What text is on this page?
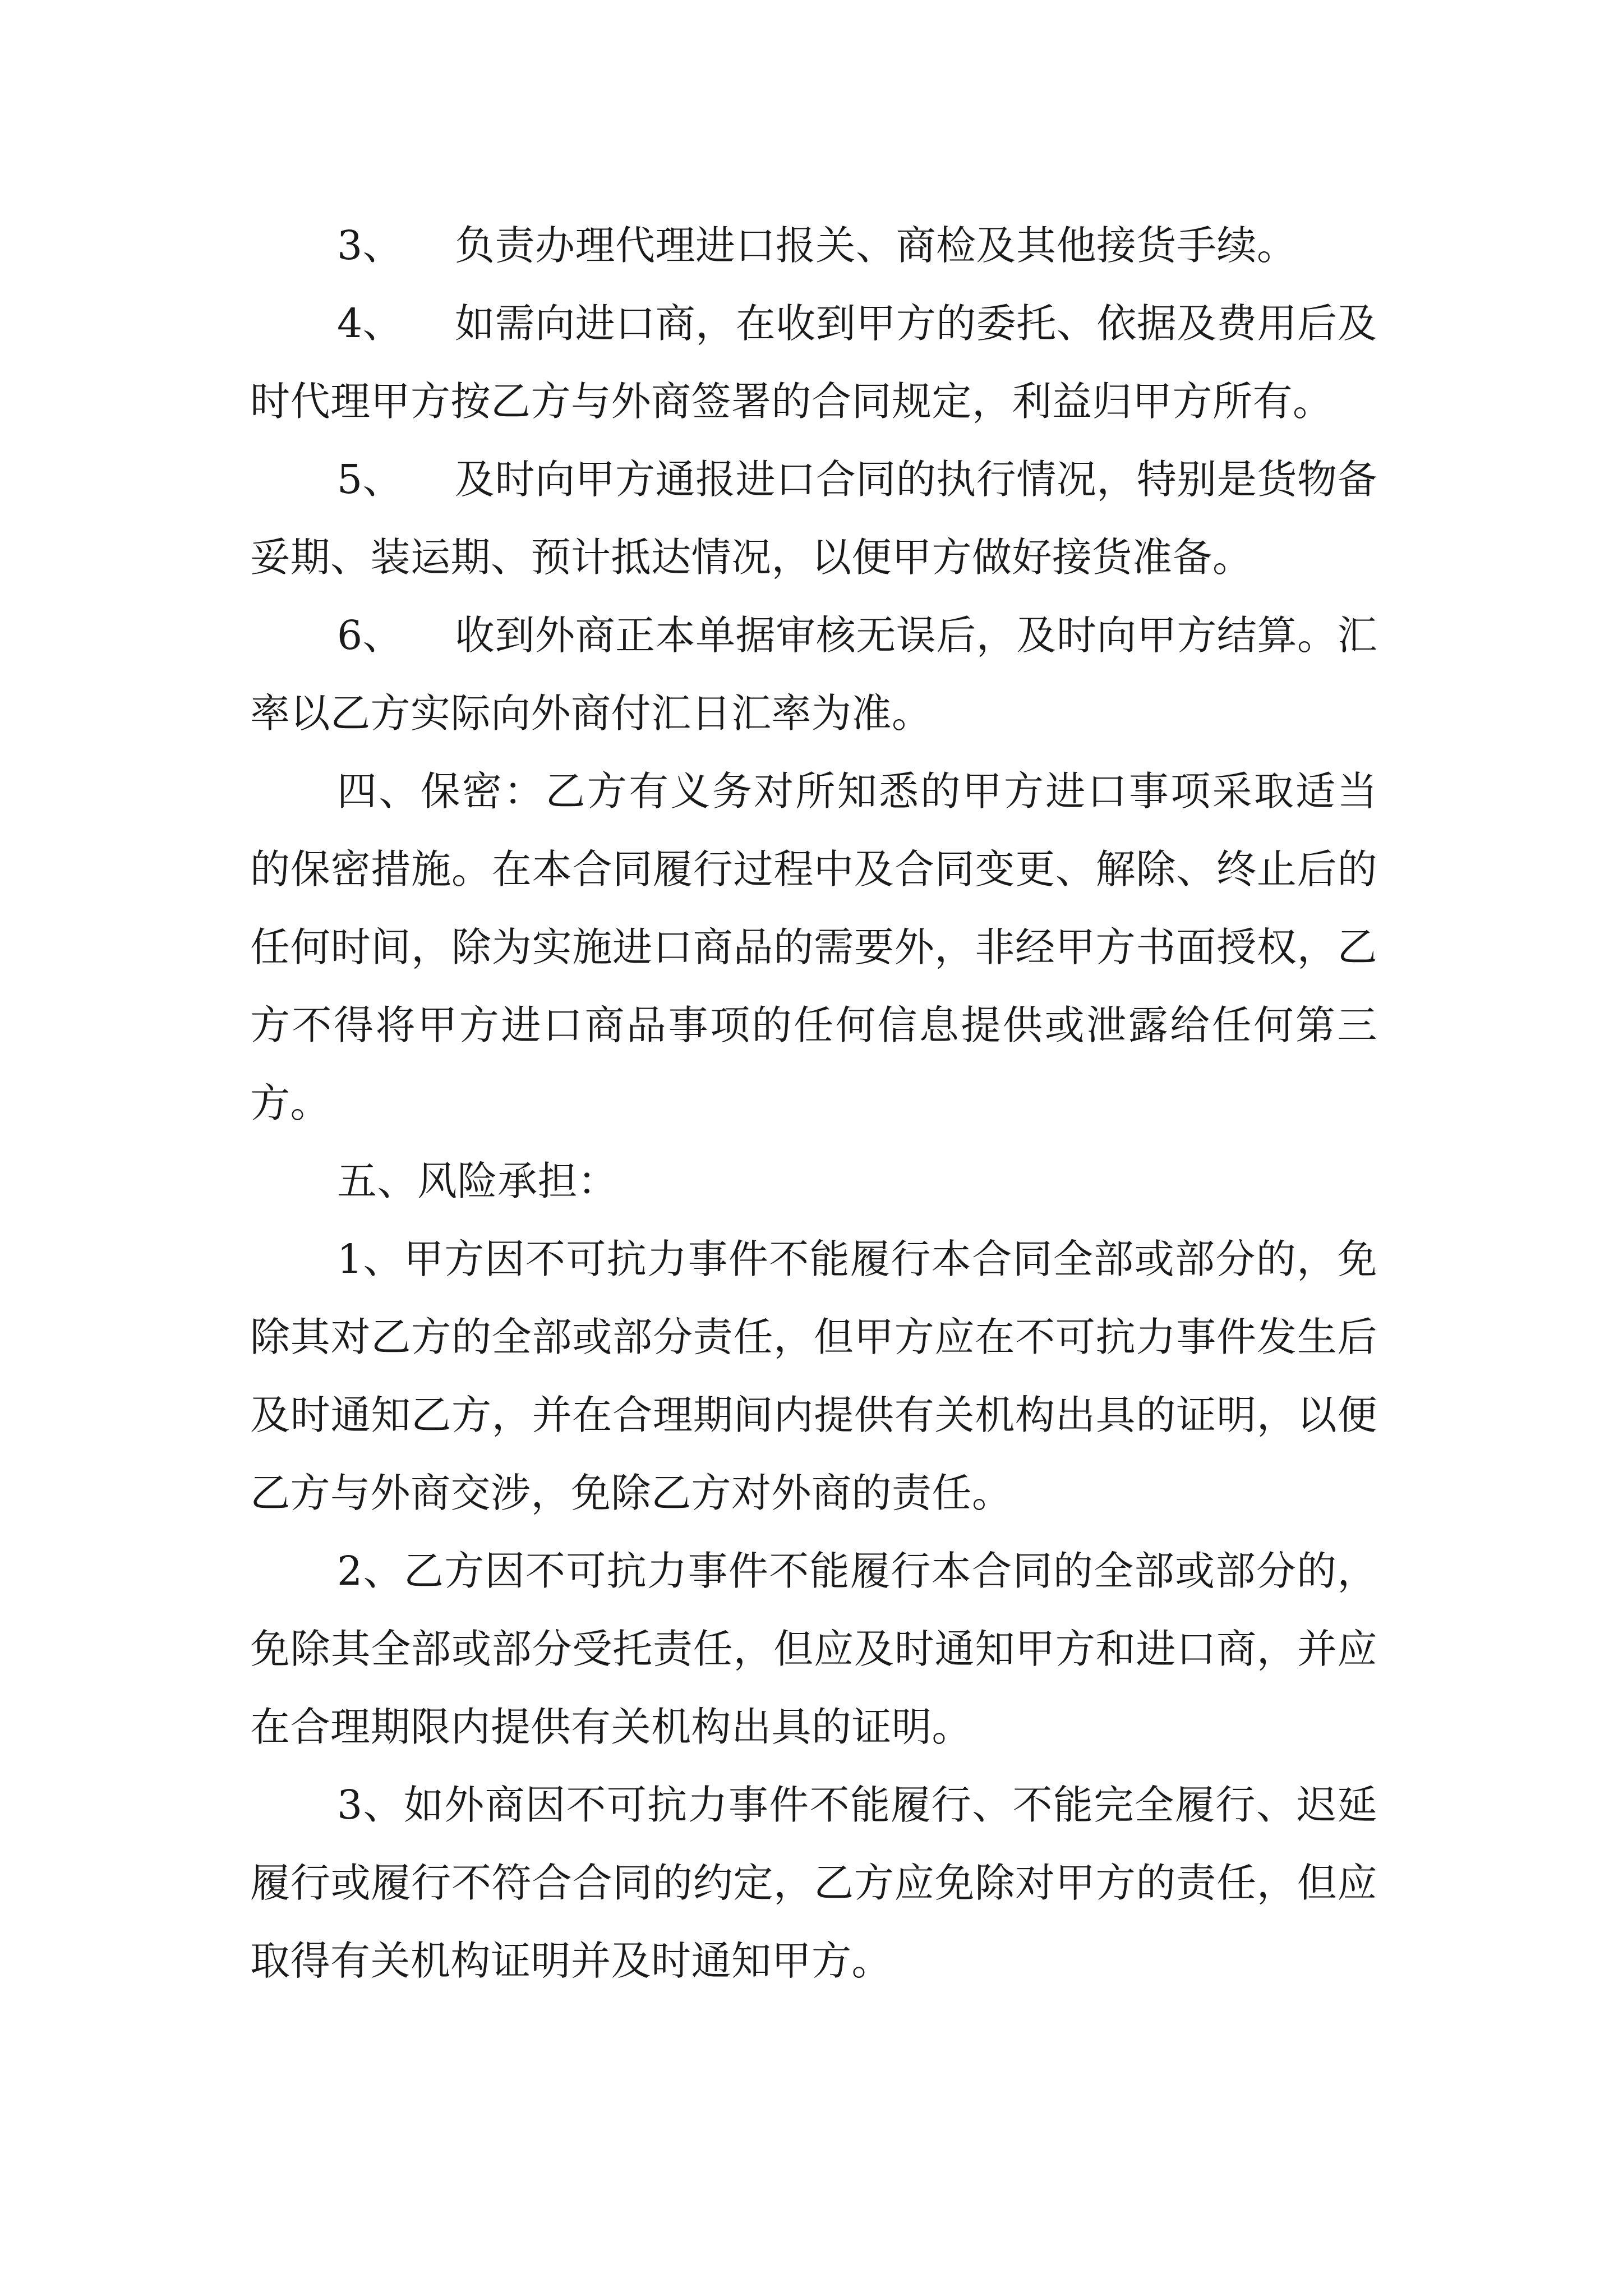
3、 负责办理代理进口报关、商检及其他接货手续。

4、 如需向进口商，在收到甲方的委托、依据及费用后及时代理甲方按乙方与外商签署的合同规定，利益归甲方所有。

5、 及时向甲方通报进口合同的执行情况，特别是货物备妥期、装运期、预计抵达情况，以便甲方做好接货准备。

6、 收到外商正本单据审核无误后，及时向甲方结算。汇率以乙方实际向外商付汇日汇率为准。

四、保密：乙方有义务对所知悉的甲方进口事项采取适当的保密措施。在本合同履行过程中及合同变更、解除、终止后的任何时间，除为实施进口商品的需要外，非经甲方书面授权，乙方不得将甲方进口商品事项的任何信息提供或泄露给任何第三方。

五、风险承担：

1、甲方因不可抗力事件不能履行本合同全部或部分的，免除其对乙方的全部或部分责任，但甲方应在不可抗力事件发生后及时通知乙方，并在合理期间内提供有关机构出具的证明，以便乙方与外商交涉，免除乙方对外商的责任。

2、乙方因不可抗力事件不能履行本合同的全部或部分的，免除其全部或部分受托责任，但应及时通知甲方和进口商，并应在合理期限内提供有关机构出具的证明。

3、如外商因不可抗力事件不能履行、不能完全履行、迟延履行或履行不符合合同的约定，乙方应免除对甲方的责任，但应取得有关机构证明并及时通知甲方。
